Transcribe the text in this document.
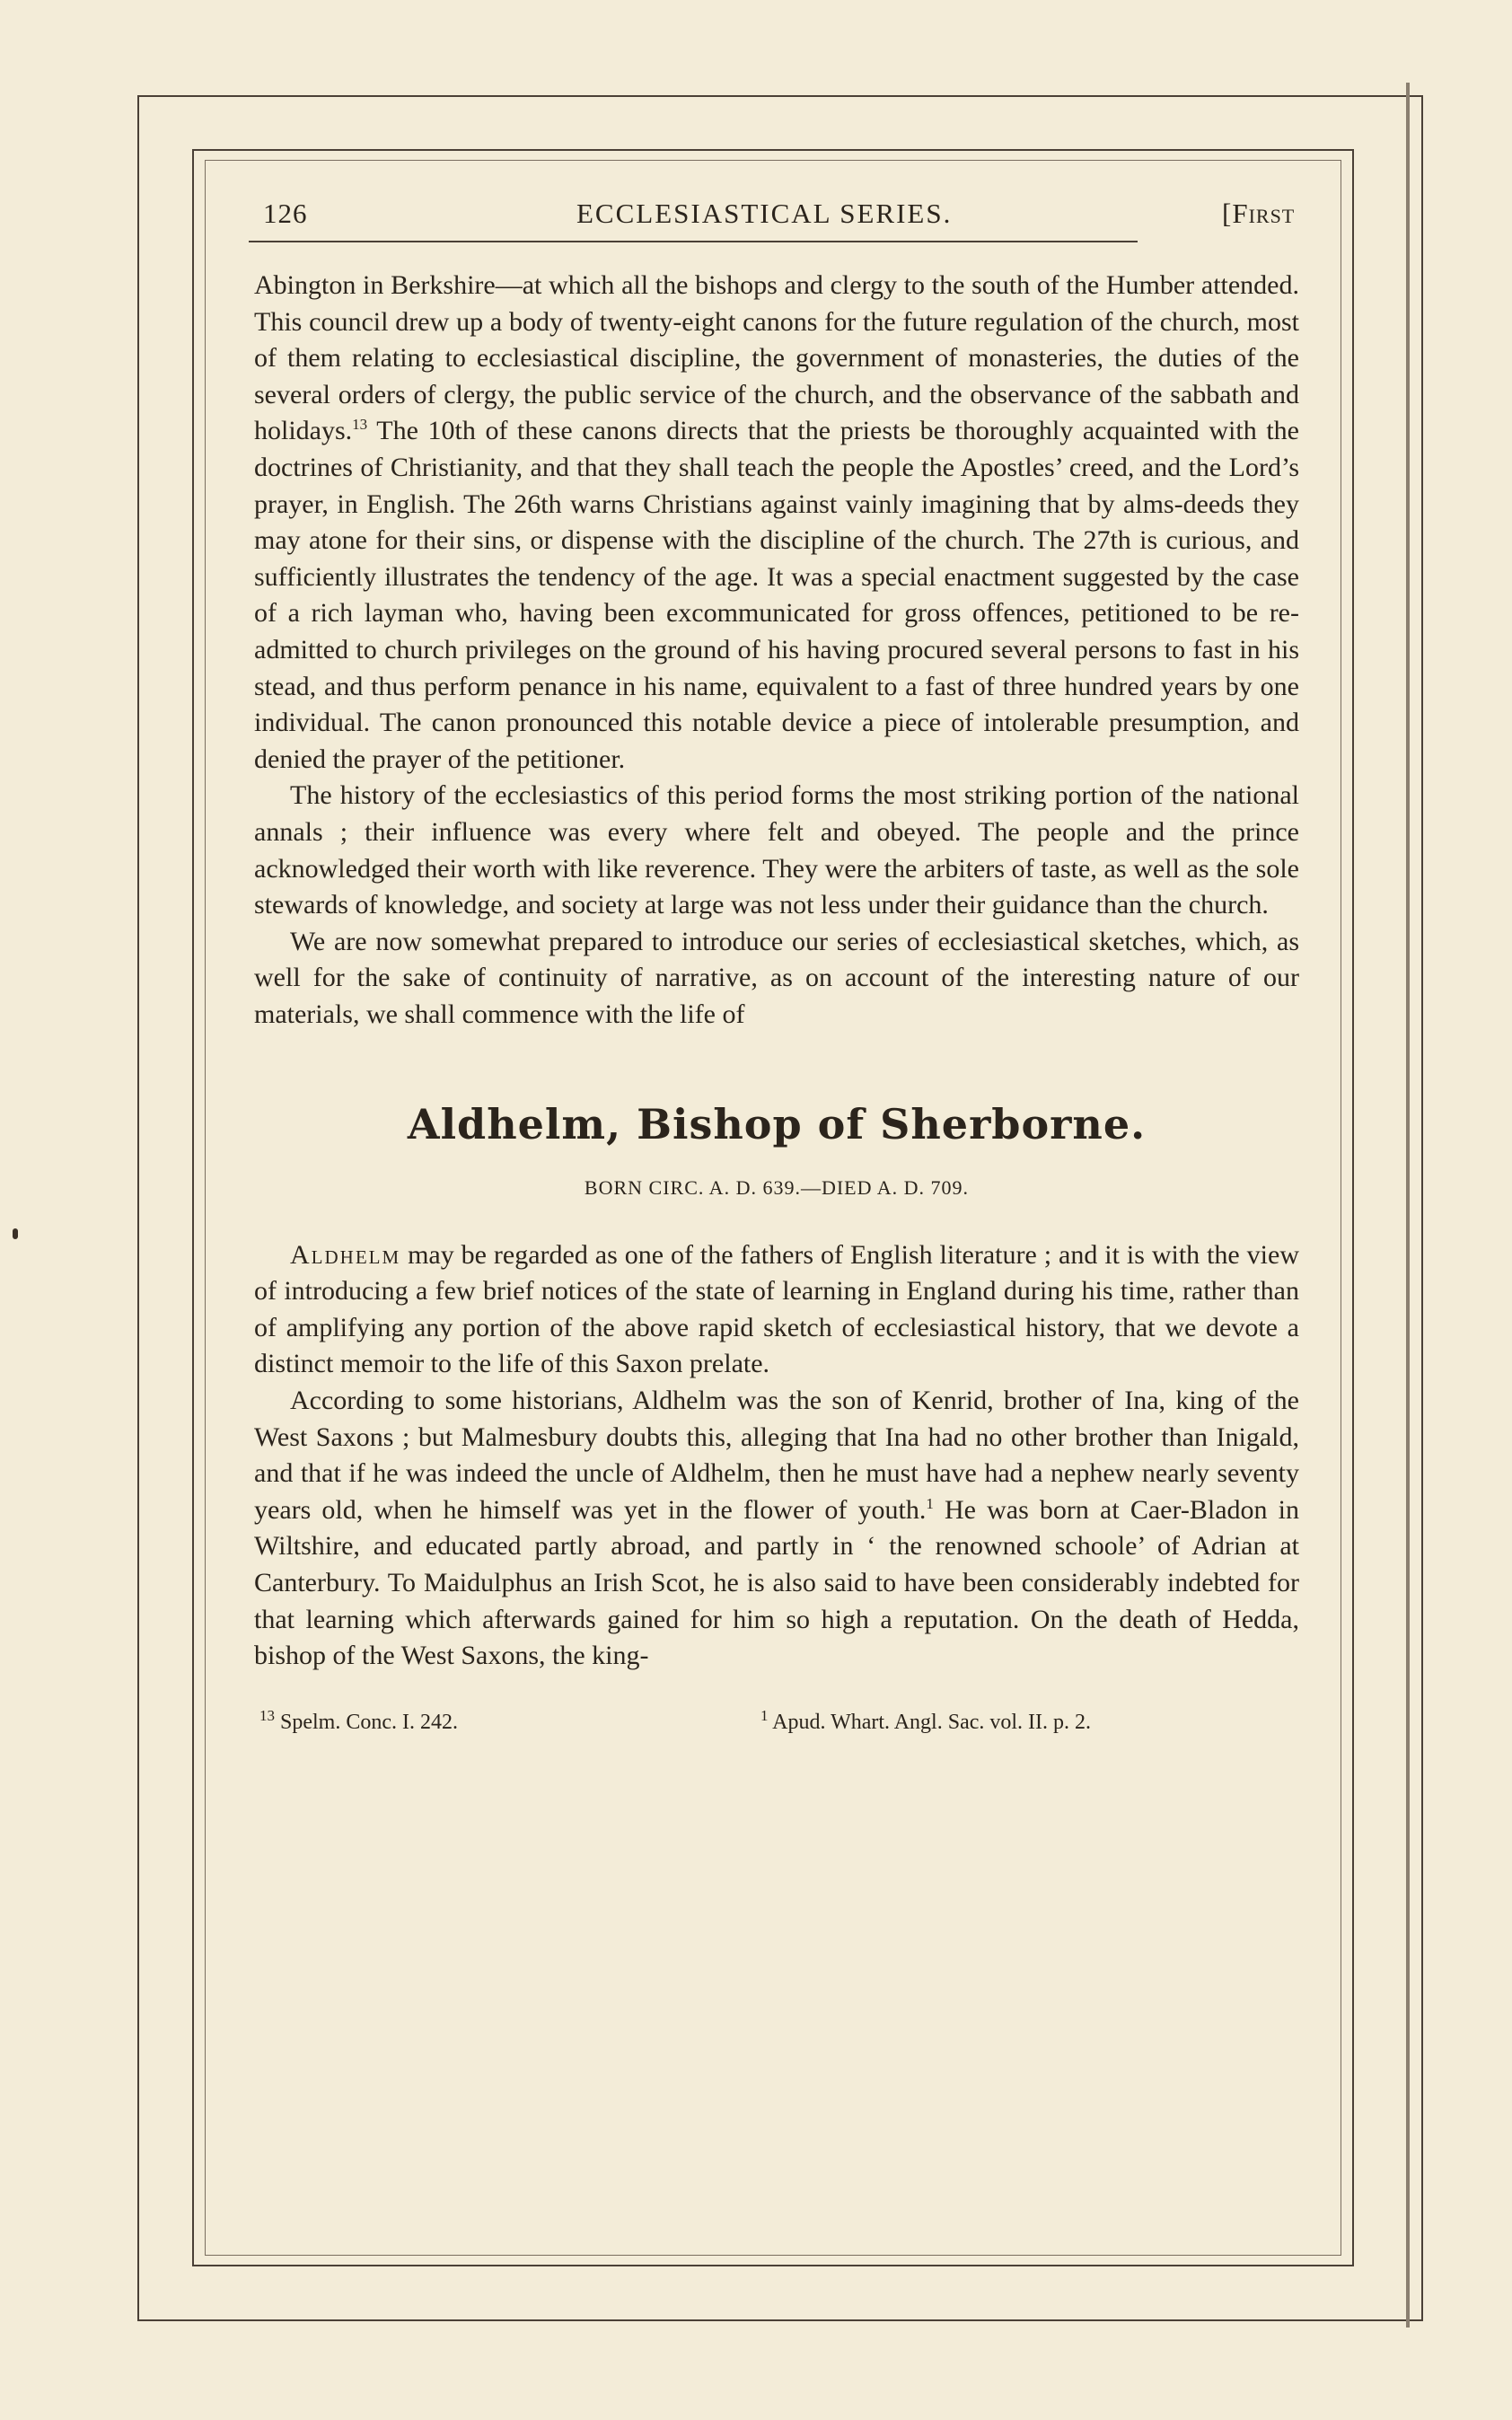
126	ECCLESIASTICAL SERIES.	[First

Abington in Berkshire—at which all the bishops and clergy to the south of the Humber attended. This council drew up a body of twenty-eight canons for the future regulation of the church, most of them relating to ecclesiastical discipline, the government of monasteries, the duties of the several orders of clergy, the public service of the church, and the observance of the sabbath and holidays.$^{13}$ The 10th of these canons directs that the priests be thoroughly acquainted with the doctrines of Christianity, and that they shall teach the people the Apostles’ creed, and the Lord’s prayer, in English. The 26th warns Christians against vainly imagining that by alms-deeds they may atone for their sins, or dispense with the discipline of the church. The 27th is curious, and sufficiently illustrates the tendency of the age. It was a special enactment suggested by the case of a rich layman who, having been excommunicated for gross offences, petitioned to be re-admitted to church privileges on the ground of his having procured several persons to fast in his stead, and thus perform penance in his name, equivalent to a fast of three hundred years by one individual. The canon pronounced this notable device a piece of intolerable presumption, and denied the prayer of the petitioner.

The history of the ecclesiastics of this period forms the most striking portion of the national annals ; their influence was every where felt and obeyed. The people and the prince acknowledged their worth with like reverence. They were the arbiters of taste, as well as the sole stewards of knowledge, and society at large was not less under their guidance than the church.

We are now somewhat prepared to introduce our series of ecclesiastical sketches, which, as well for the sake of continuity of narrative, as on account of the interesting nature of our materials, we shall commence with the life of

Aldhelm, Bishop of Sherborne.
BORN CIRC. A. D. 639.—DIED A. D. 709.

Aldhelm may be regarded as one of the fathers of English literature ; and it is with the view of introducing a few brief notices of the state of learning in England during his time, rather than of amplifying any portion of the above rapid sketch of ecclesiastical history, that we devote a distinct memoir to the life of this Saxon prelate.

According to some historians, Aldhelm was the son of Kenrid, brother of Ina, king of the West Saxons ; but Malmesbury doubts this, alleging that Ina had no other brother than Inigald, and that if he was indeed the uncle of Aldhelm, then he must have had a nephew nearly seventy years old, when he himself was yet in the flower of youth.$^1$ He was born at Caer-Bladon in Wiltshire, and educated partly abroad, and partly in ‘ the renowned schoole’ of Adrian at Canterbury. To Maidulphus an Irish Scot, he is also said to have been considerably indebted for that learning which afterwards gained for him so high a reputation. On the death of Hedda, bishop of the West Saxons, the king-

$^{13}$ Spelm. Conc. I. 242.	$^1$ Apud. Whart. Angl. Sac. vol. II. p. 2.
